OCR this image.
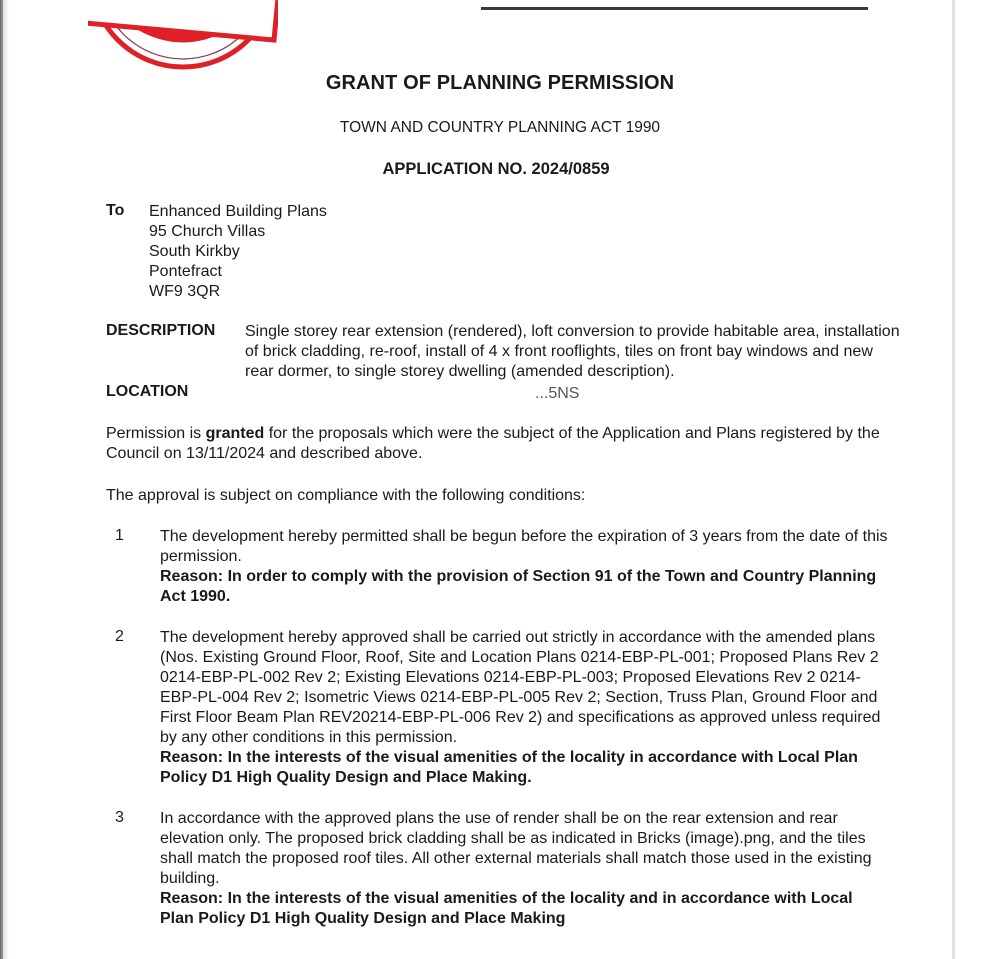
GRANT OF PLANNING PERMISSION
TOWN AND COUNTRY PLANNING ACT 1990
APPLICATION NO. 2024/0859
To Enhanced Building Plans
95 Church Villas
South Kirkby
Pontefract
WF9 3QR
DESCRIPTION Single storey rear extension (rendered), loft conversion to provide habitable area, installation of brick cladding, re-roof, install of 4 x front rooflights, tiles on front bay windows and new rear dormer, to single storey dwelling (amended description).
LOCATION	...5NS
Permission is granted for the proposals which were the subject of the Application and Plans registered by the Council on 13/11/2024 and described above.
The approval is subject on compliance with the following conditions:
1 The development hereby permitted shall be begun before the expiration of 3 years from the date of this permission.
Reason: In order to comply with the provision of Section 91 of the Town and Country Planning Act 1990.
2 The development hereby approved shall be carried out strictly in accordance with the amended plans (Nos. Existing Ground Floor, Roof, Site and Location Plans 0214-EBP-PL-001; Proposed Plans Rev 2 0214-EBP-PL-002 Rev 2; Existing Elevations 0214-EBP-PL-003; Proposed Elevations Rev 2 0214-EBP-PL-004 Rev 2; Isometric Views 0214-EBP-PL-005 Rev 2; Section, Truss Plan, Ground Floor and First Floor Beam Plan REV20214-EBP-PL-006 Rev 2) and specifications as approved unless required by any other conditions in this permission.
Reason: In the interests of the visual amenities of the locality in accordance with Local Plan Policy D1 High Quality Design and Place Making.
3 In accordance with the approved plans the use of render shall be on the rear extension and rear elevation only. The proposed brick cladding shall be as indicated in Bricks (image).png, and the tiles shall match the proposed roof tiles. All other external materials shall match those used in the existing building.
Reason: In the interests of the visual amenities of the locality and in accordance with Local Plan Policy D1 High Quality Design and Place Making
